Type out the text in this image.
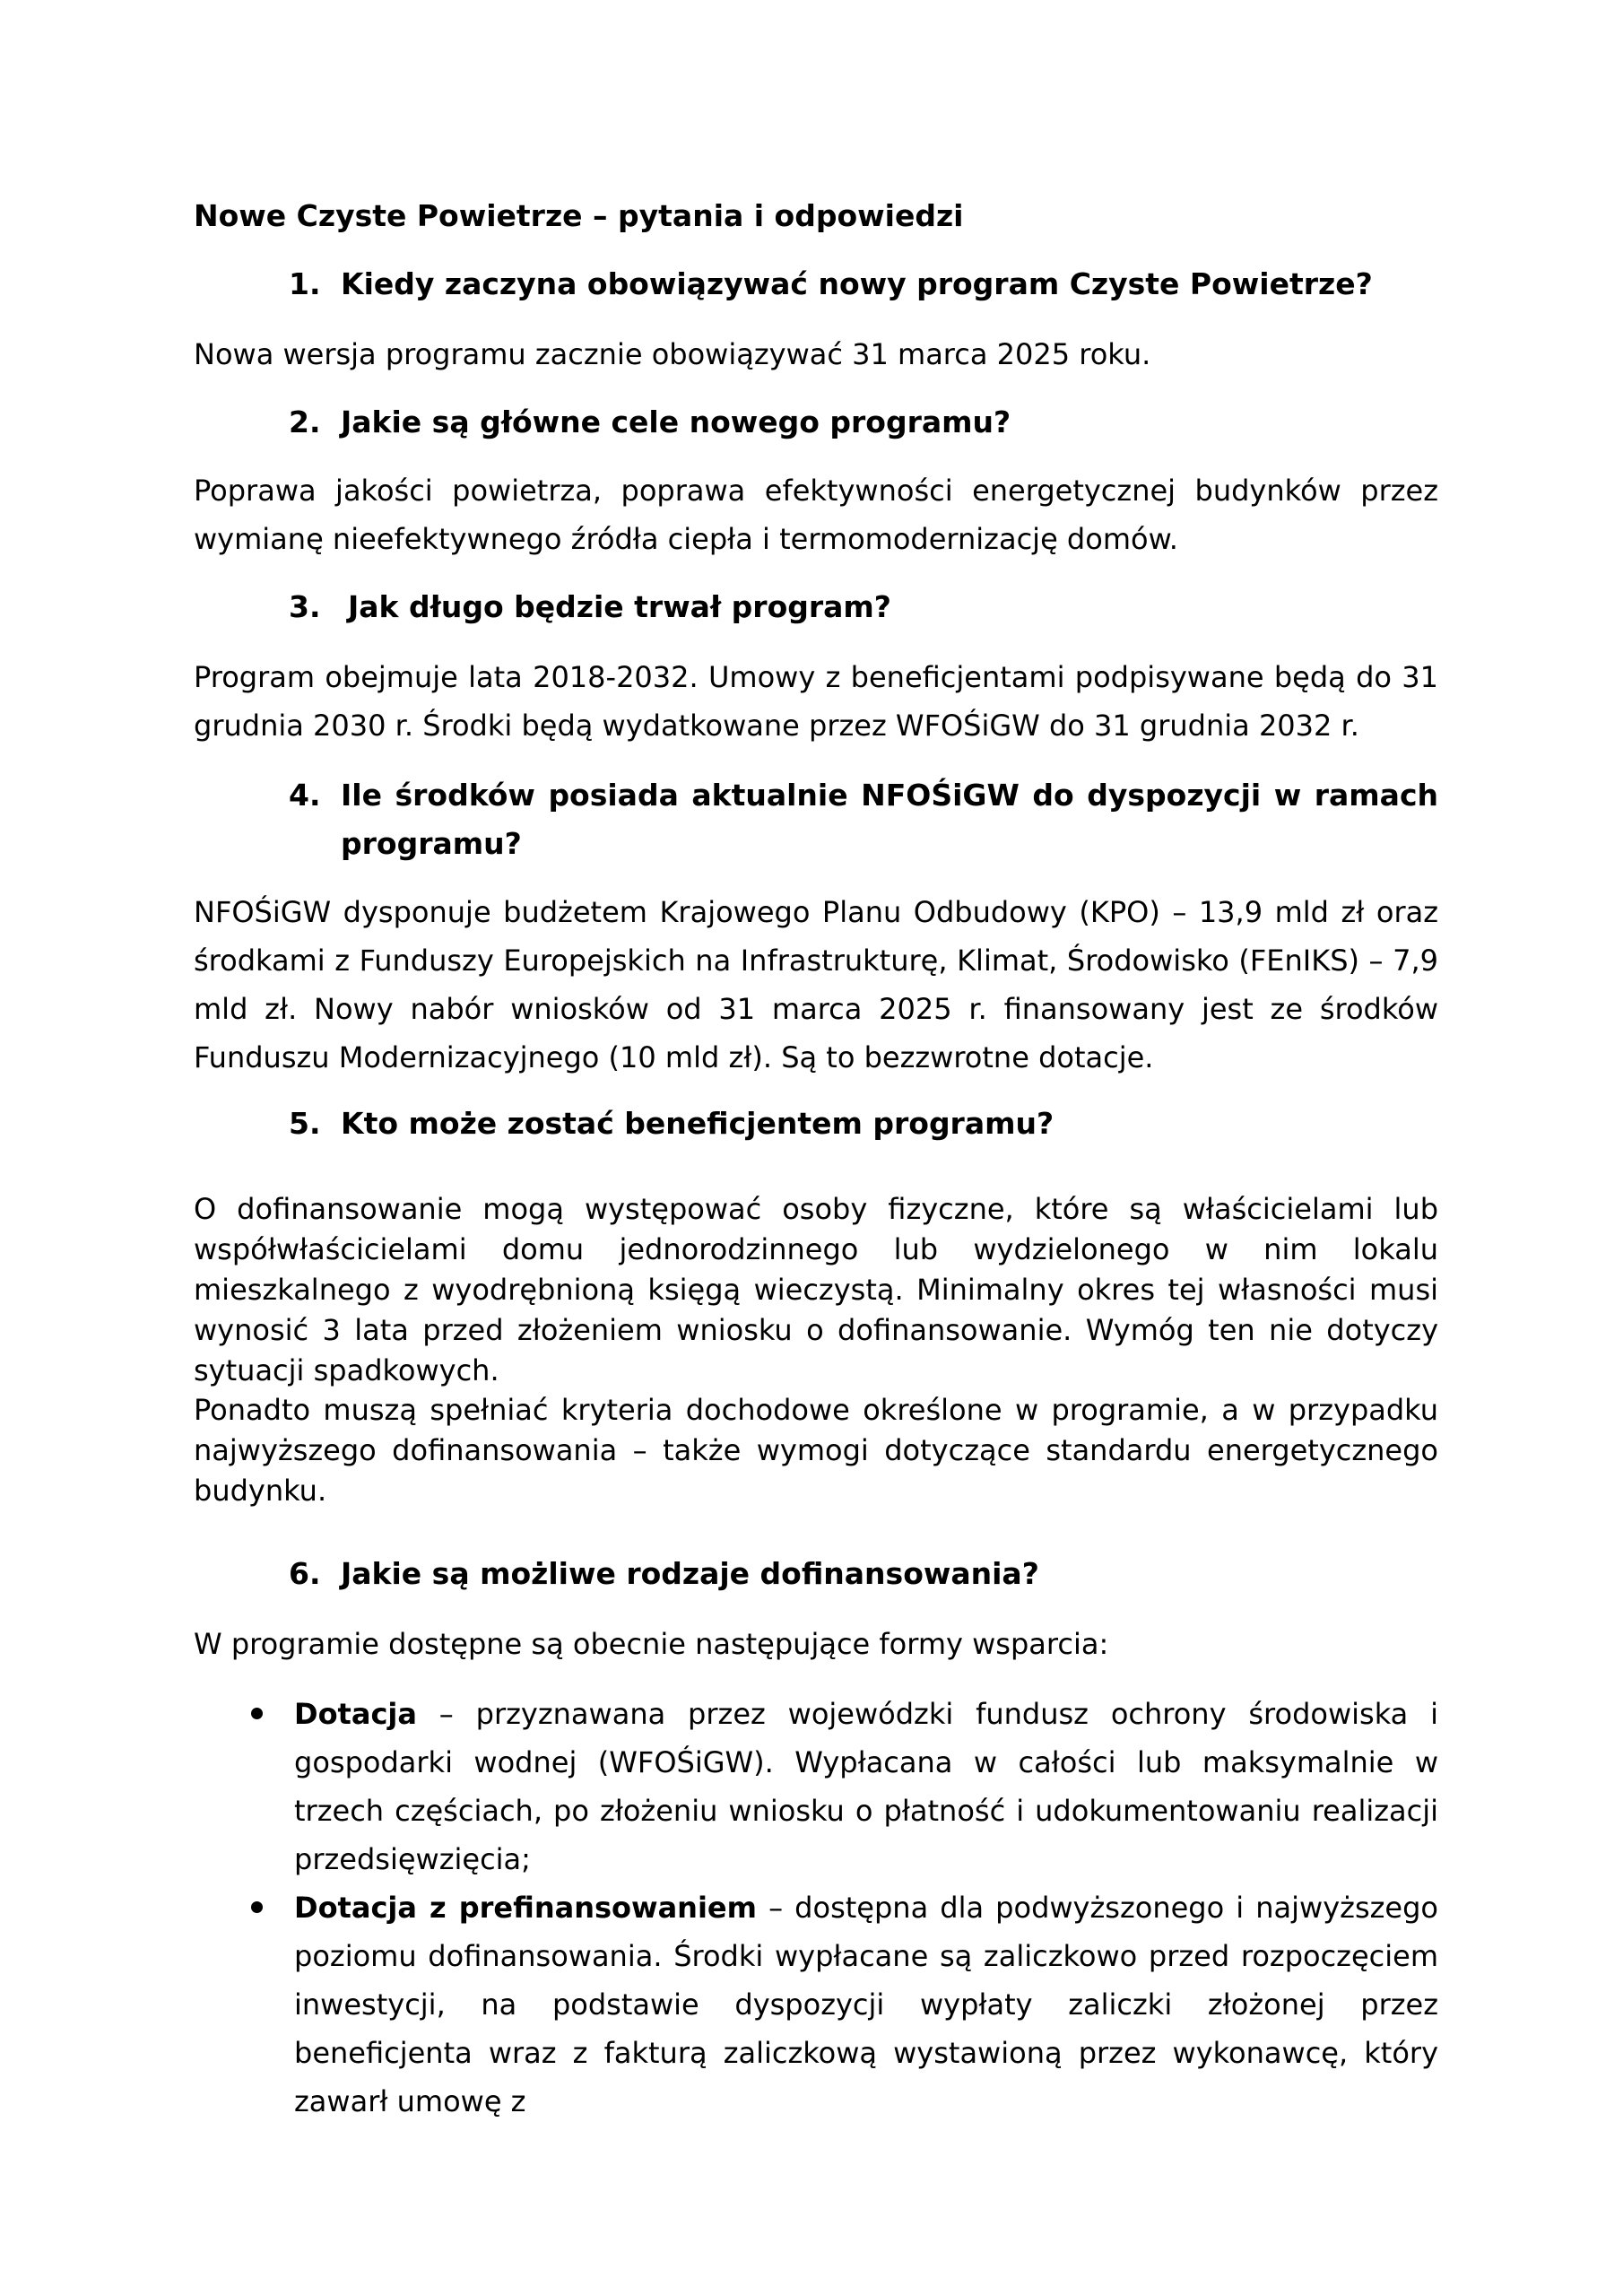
Nowe Czyste Powietrze – pytania i odpowiedzi
1. Kiedy zaczyna obowiązywać nowy program Czyste Powietrze?

Nowa wersja programu zacznie obowiązywać 31 marca 2025 roku.

2. Jakie są główne cele nowego programu?

Poprawa jakości powietrza, poprawa efektywności energetycznej budynków przez wymianę nieefektywnego źródła ciepła i termomodernizację domów.

3. Jak długo będzie trwał program?

Program obejmuje lata 2018-2032. Umowy z beneficjentami podpisywane będą do 31 grudnia 2030 r. Środki będą wydatkowane przez WFOŚiGW do 31 grudnia 2032 r.

4. Ile środków posiada aktualnie NFOŚiGW do dyspozycji w ramach programu?

NFOŚiGW dysponuje budżetem Krajowego Planu Odbudowy (KPO) – 13,9 mld zł oraz środkami z Funduszy Europejskich na Infrastrukturę, Klimat, Środowisko (FEnIKS) – 7,9 mld zł. Nowy nabór wniosków od 31 marca 2025 r. finansowany jest ze środków Funduszu Modernizacyjnego (10 mld zł). Są to bezzwrotne dotacje.

5. Kto może zostać beneficjentem programu?

O dofinansowanie mogą występować osoby fizyczne, które są właścicielami lub współwłaścicielami domu jednorodzinnego lub wydzielonego w nim lokalu mieszkalnego z wyodrębnioną księgą wieczystą. Minimalny okres tej własności musi wynosić 3 lata przed złożeniem wniosku o dofinansowanie. Wymóg ten nie dotyczy sytuacji spadkowych.

Ponadto muszą spełniać kryteria dochodowe określone w programie, a w przypadku najwyższego dofinansowania – także wymogi dotyczące standardu energetycznego budynku.

6. Jakie są możliwe rodzaje dofinansowania?

W programie dostępne są obecnie następujące formy wsparcia:

Dotacja – przyznawana przez wojewódzki fundusz ochrony środowiska i gospodarki wodnej (WFOŚiGW). Wypłacana w całości lub maksymalnie w trzech częściach, po złożeniu wniosku o płatność i udokumentowaniu realizacji przedsięwzięcia;
Dotacja z prefinansowaniem – dostępna dla podwyższonego i najwyższego poziomu dofinansowania. Środki wypłacane są zaliczkowo przed rozpoczęciem inwestycji, na podstawie dyspozycji wypłaty zaliczki złożonej przez beneficjenta wraz z fakturą zaliczkową wystawioną przez wykonawcę, który zawarł umowę z
